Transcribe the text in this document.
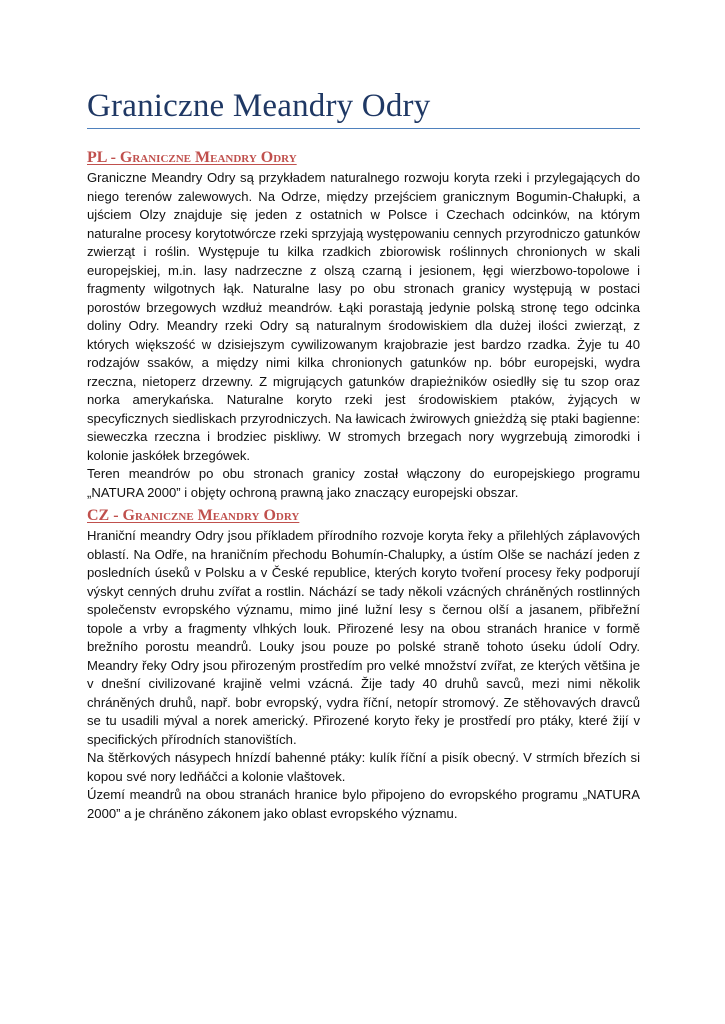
Graniczne Meandry Odry
PL - Graniczne Meandry Odry

Graniczne Meandry Odry są przykładem naturalnego rozwoju koryta rzeki i przylegających do niego terenów zalewowych. Na Odrze, między przejściem granicznym Bogumin-Chałupki, a ujściem Olzy znajduje się jeden z ostatnich w Polsce i Czechach odcinków, na którym naturalne procesy korytotwórcze rzeki sprzyjają występowaniu cennych przyrodniczo gatunków zwierząt i roślin. Występuje tu kilka rzadkich zbiorowisk roślinnych chronionych w skali europejskiej, m.in. lasy nadrzeczne z olszą czarną i jesionem, łęgi wierzbowo-topolowe i fragmenty wilgotnych łąk. Naturalne lasy po obu stronach granicy występują w postaci porostów brzegowych wzdłuż meandrów. Łąki porastają jedynie polską stronę tego odcinka doliny Odry. Meandry rzeki Odry są naturalnym środowiskiem dla dużej ilości zwierząt, z których większość w dzisiejszym cywilizowanym krajobrazie jest bardzo rzadka. Żyje tu 40 rodzajów ssaków, a między nimi kilka chronionych gatunków np. bóbr europejski, wydra rzeczna, nietoperz drzewny. Z migrujących gatunków drapieżników osiedlły się tu szop oraz norka amerykańska. Naturalne koryto rzeki jest środowiskiem ptaków, żyjących w specyficznych siedliskach przyrodniczych. Na ławicach żwirowych gnieżdżą się ptaki bagienne: sieweczka rzeczna i brodziec piskliwy. W stromych brzegach nory wygrzebują zimorodki i kolonie jaskółek brzegówek.

Teren meandrów po obu stronach granicy został włączony do europejskiego programu „NATURA 2000” i objęty ochroną prawną jako znaczący europejski obszar.

CZ - Graniczne Meandry Odry

Hraniční meandry Odry jsou příkladem přírodního rozvoje koryta řeky a přilehlých záplavových oblastí. Na Odře, na hraničním přechodu Bohumín-Chalupky, a ústím Olše se nachází jeden z posledních úseků v Polsku a v České republice, kterých koryto tvoření procesy řeky podporují výskyt cenných druhu zvířat a rostlin. Náchází se tady několi vzácných chráněných rostlinných společenstv evropského významu, mimo jiné lužní lesy s černou olší a jasanem, přibřežní topole a vrby a fragmenty vlhkých louk. Přirozené lesy na obou stranách hranice v formě brežního porostu meandrů. Louky jsou pouze po polské straně tohoto úseku údolí Odry. Meandry řeky Odry jsou přirozeným prostředím pro velké množství zvířat, ze kterých většina je v dnešní civilizované krajině velmi vzácná. Žije tady 40 druhů savců, mezi nimi několik chráněných druhů, např. bobr evropský, vydra říční, netopír stromový. Ze stěhovavých dravců se tu usadili mýval a norek americký. Přirozené koryto řeky je prostředí pro ptáky, které žijí v specifických přírodních stanovištích.

Na štěrkových násypech hnízdí bahenné ptáky: kulík říční a pisík obecný. V strmích březích si kopou své nory ledňáčci a kolonie vlaštovek.

Území meandrů na obou stranách hranice bylo připojeno do evropského programu „NATURA 2000” a je chráněno zákonem jako oblast evropského významu.
